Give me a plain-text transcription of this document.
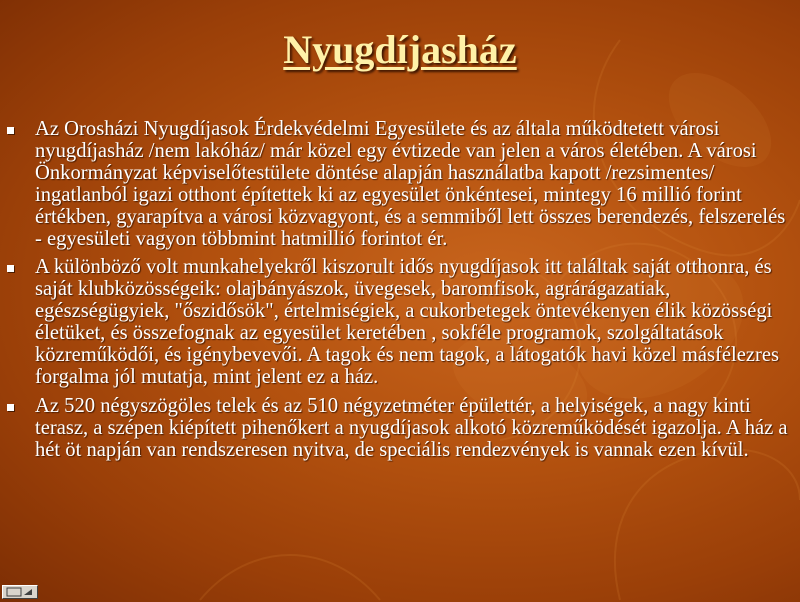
Nyugdíjasház
Az Orosházi Nyugdíjasok Érdekvédelmi Egyesülete és az általa működtetett városi nyugdíjasház /nem lakóház/ már közel egy évtizede van jelen a város életében. A városi Önkormányzat képviselőtestülete döntése alapján használatba kapott /rezsimentes/ ingatlanból igazi otthont építettek ki az egyesület önkéntesei, mintegy 16 millió forint értékben, gyarapítva a városi közvagyont, és a semmiből lett összes berendezés, felszerelés - egyesületi vagyon többmint hatmillió forintot ér.
A különböző volt munkahelyekről kiszorult idős nyugdíjasok itt találtak saját otthonra, és saját klubközösségeik: olajbányászok, üvegesek, baromfisok, agrárágazatiak, egészségügyiek, "őszidősök", értelmiségiek, a cukorbetegek öntevékenyen élik közösségi életüket, és összefognak az egyesület keretében , sokféle programok, szolgáltatások közreműködői, és igénybevevői. A tagok és nem tagok, a látogatók havi közel másfélezres forgalma jól mutatja, mint jelent ez a ház.
Az 520 négyszögöles telek és az 510 négyzetméter épülettér, a helyiségek, a nagy kinti terasz, a szépen kiépített pihenőkert a nyugdíjasok alkotó közreműködését igazolja. A ház a hét öt napján van rendszeresen nyitva, de speciális rendezvények is vannak ezen kívül.
